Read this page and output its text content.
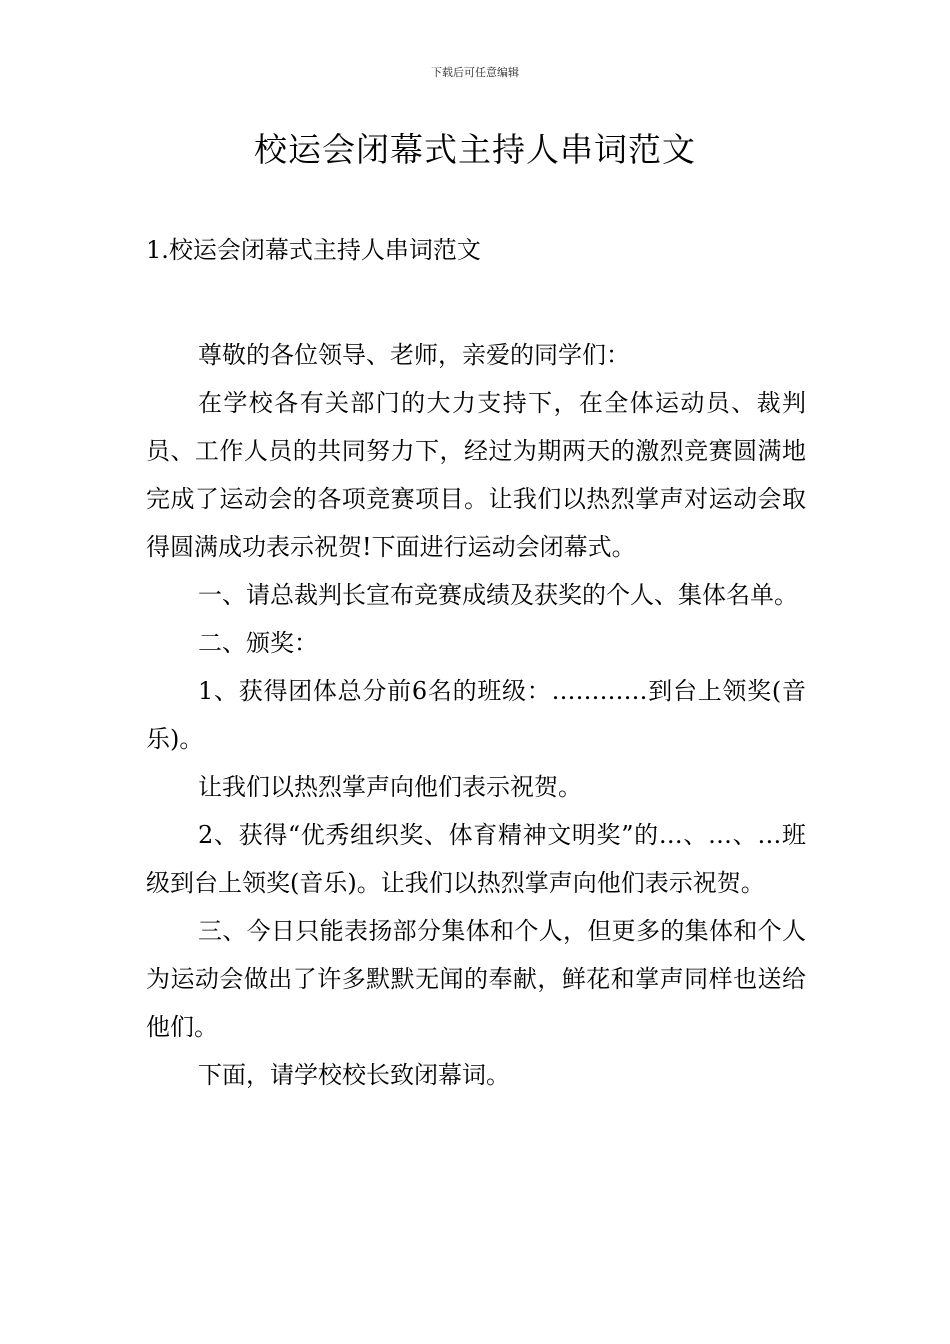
下载后可任意编辑
校运会闭幕式主持人串词范文
1.校运会闭幕式主持人串词范文

尊敬的各位领导、老师，亲爱的同学们：

在学校各有关部门的大力支持下，在全体运动员、裁判员、工作人员的共同努力下，经过为期两天的激烈竞赛圆满地完成了运动会的各项竞赛项目。让我们以热烈掌声对运动会取得圆满成功表示祝贺!下面进行运动会闭幕式。

一、请总裁判长宣布竞赛成绩及获奖的个人、集体名单。

二、颁奖：

1、获得团体总分前6名的班级：…………到台上领奖(音乐)。

让我们以热烈掌声向他们表示祝贺。

2、获得“优秀组织奖、体育精神文明奖”的…、…、…班级到台上领奖(音乐)。让我们以热烈掌声向他们表示祝贺。

三、今日只能表扬部分集体和个人，但更多的集体和个人为运动会做出了许多默默无闻的奉献，鲜花和掌声同样也送给他们。

下面，请学校校长致闭幕词。
